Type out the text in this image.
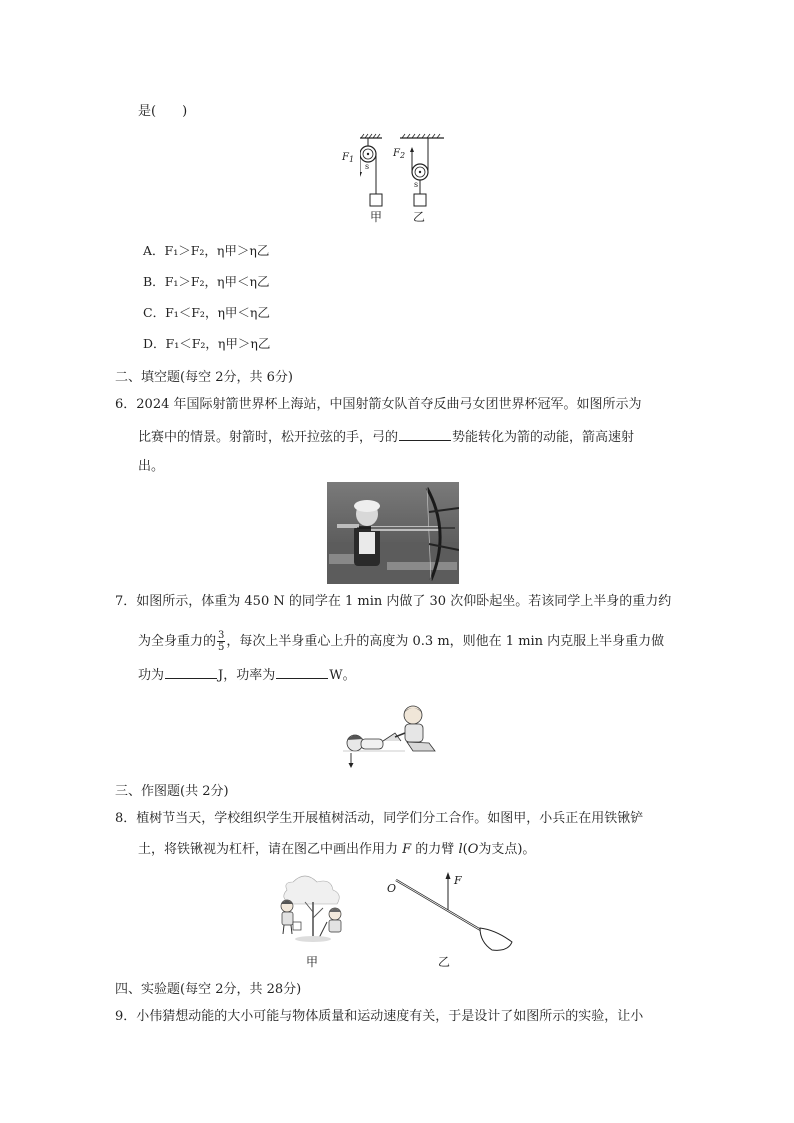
是(　　)
$F_1$
$F_2$
s
s
甲	乙
A．F₁＞F₂，η甲＞η乙
B．F₁＞F₂，η甲＜η乙
C．F₁＜F₂，η甲＜η乙
D．F₁＜F₂，η甲＞η乙
二、填空题(每空 2分，共 6分)
6．2024 年国际射箭世界杯上海站，中国射箭女队首夺反曲弓女团世界杯冠军。如图所示为
比赛中的情景。射箭时，松开拉弦的手，弓的	势能转化为箭的动能，箭高速射
出。
7．如图所示，体重为 450 N 的同学在 1 min 内做了 30 次仰卧起坐。若该同学上半身的重力约
为全身重力的 $\frac{3}{5}$ ，每次上半身重心上升的高度为 0.3 m，则他在 1 min 内克服上半身重力做
功为	J，功率为	W。
三、作图题(共 2分)
8．植树节当天，学校组织学生开展植树活动，同学们分工合作。如图甲，小兵正在用铁锹铲
土，将铁锹视为杠杆，请在图乙中画出作用力 F 的力臂 l(O为支点)。
O
F
甲	乙
四、实验题(每空 2分，共 28分)
9．小伟猜想动能的大小可能与物体质量和运动速度有关，于是设计了如图所示的实验，让小
